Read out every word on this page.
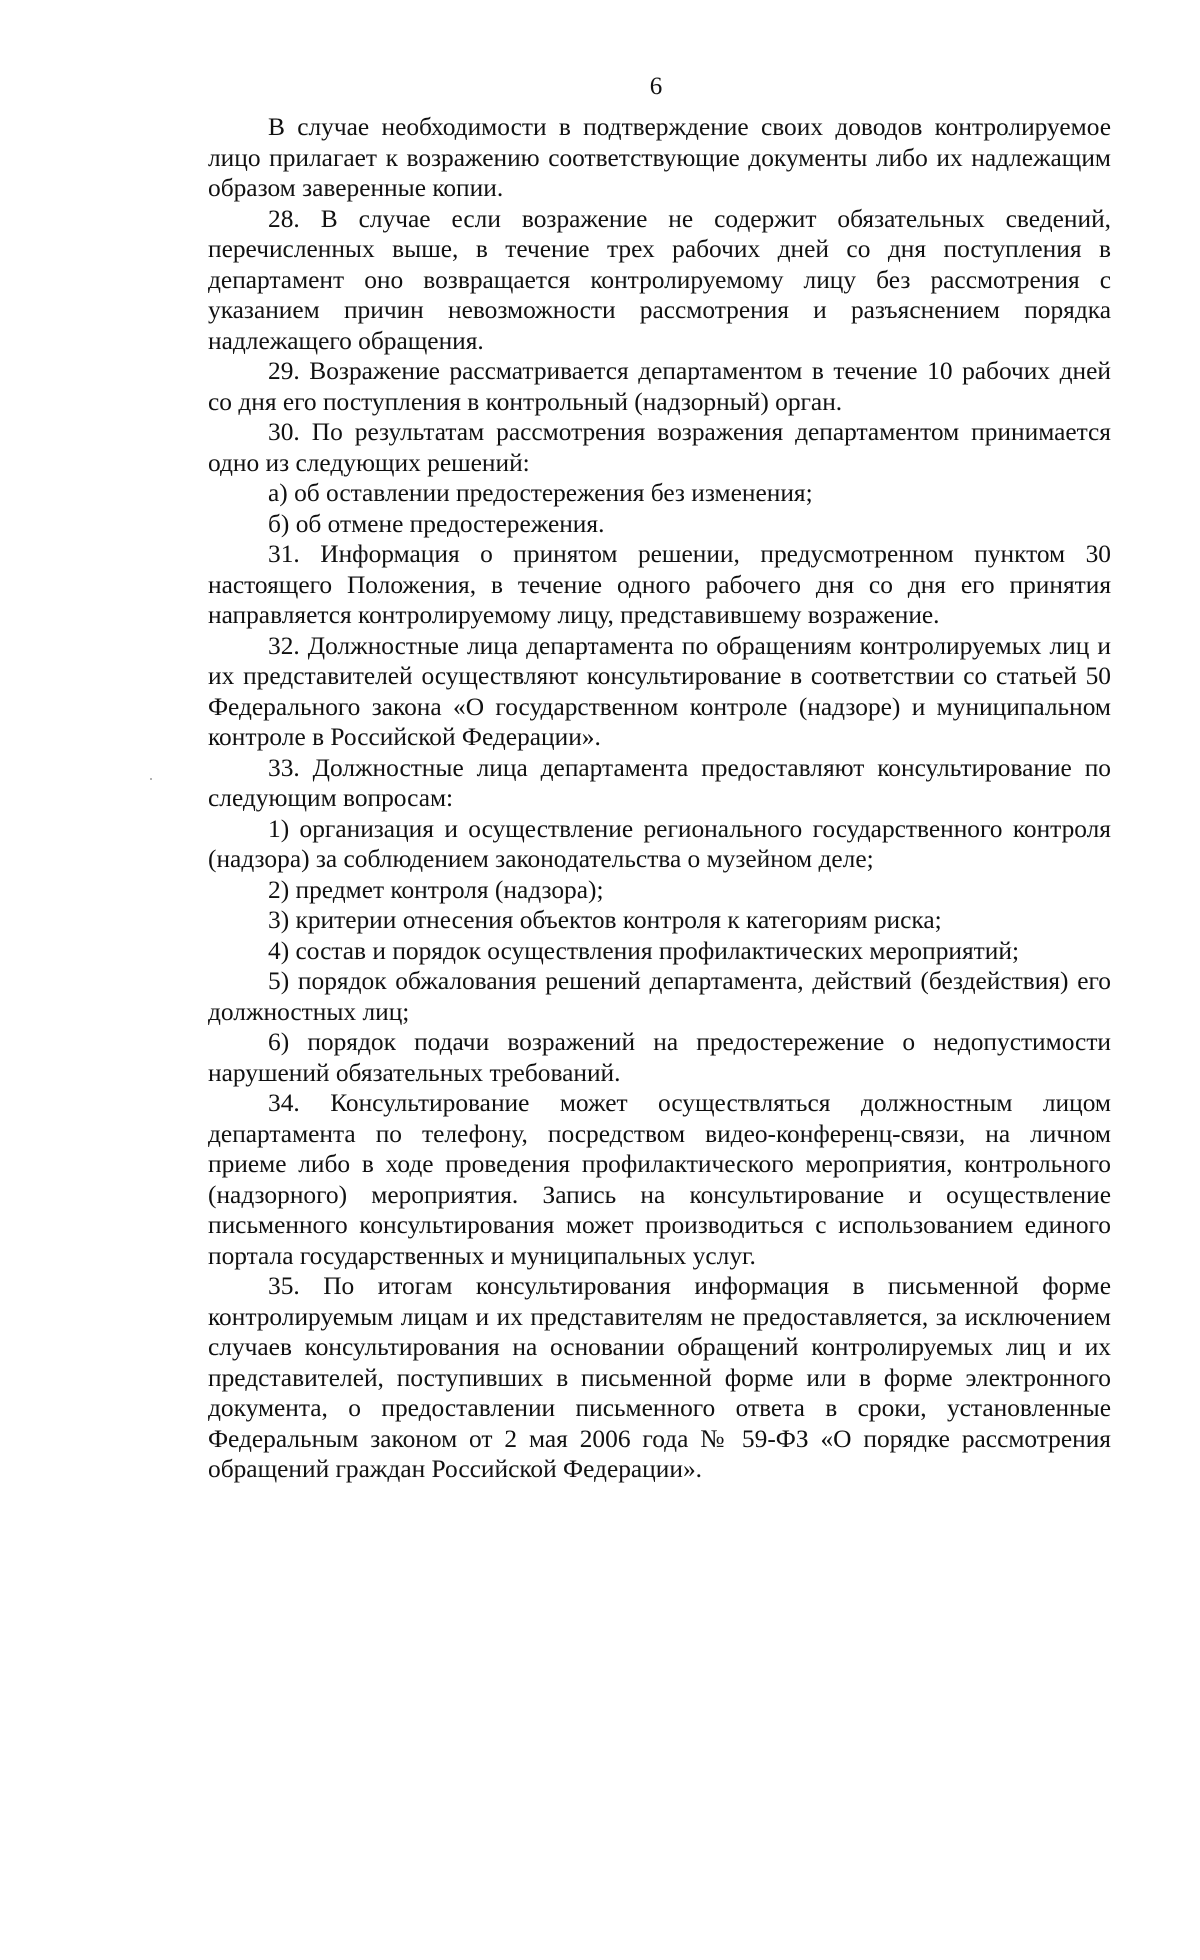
6

В случае необходимости в подтверждение своих доводов контролируемое лицо прилагает к возражению соответствующие документы либо их надлежащим образом заверенные копии.

28. В случае если возражение не содержит обязательных сведений, перечисленных выше, в течение трех рабочих дней со дня поступления в департамент оно возвращается контролируемому лицу без рассмотрения с указанием причин невозможности рассмотрения и разъяснением порядка надлежащего обращения.

29. Возражение рассматривается департаментом в течение 10 рабочих дней со дня его поступления в контрольный (надзорный) орган.

30. По результатам рассмотрения возражения департаментом принимается одно из следующих решений:

а) об оставлении предостережения без изменения;

б) об отмене предостережения.

31. Информация о принятом решении, предусмотренном пунктом 30 настоящего Положения, в течение одного рабочего дня со дня его принятия направляется контролируемому лицу, представившему возражение.

32. Должностные лица департамента по обращениям контролируемых лиц и их представителей осуществляют консультирование в соответствии со статьей 50 Федерального закона «О государственном контроле (надзоре) и муниципальном контроле в Российской Федерации».

33. Должностные лица департамента предоставляют консультирование по следующим вопросам:

1) организация и осуществление регионального государственного контроля (надзора) за соблюдением законодательства о музейном деле;

2) предмет контроля (надзора);

3) критерии отнесения объектов контроля к категориям риска;

4) состав и порядок осуществления профилактических мероприятий;

5) порядок обжалования решений департамента, действий (бездействия) его должностных лиц;

6) порядок подачи возражений на предостережение о недопустимости нарушений обязательных требований.

34. Консультирование может осуществляться должностным лицом департамента по телефону, посредством видео-конференц-связи, на личном приеме либо в ходе проведения профилактического мероприятия, контрольного (надзорного) мероприятия. Запись на консультирование и осуществление письменного консультирования может производиться с использованием единого портала государственных и муниципальных услуг.

35. По итогам консультирования информация в письменной форме контролируемым лицам и их представителям не предоставляется, за исключением случаев консультирования на основании обращений контролируемых лиц и их представителей, поступивших в письменной форме или в форме электронного документа, о предоставлении письменного ответа в сроки, установленные Федеральным законом от 2 мая 2006 года № 59-ФЗ «О порядке рассмотрения обращений граждан Российской Федерации».
